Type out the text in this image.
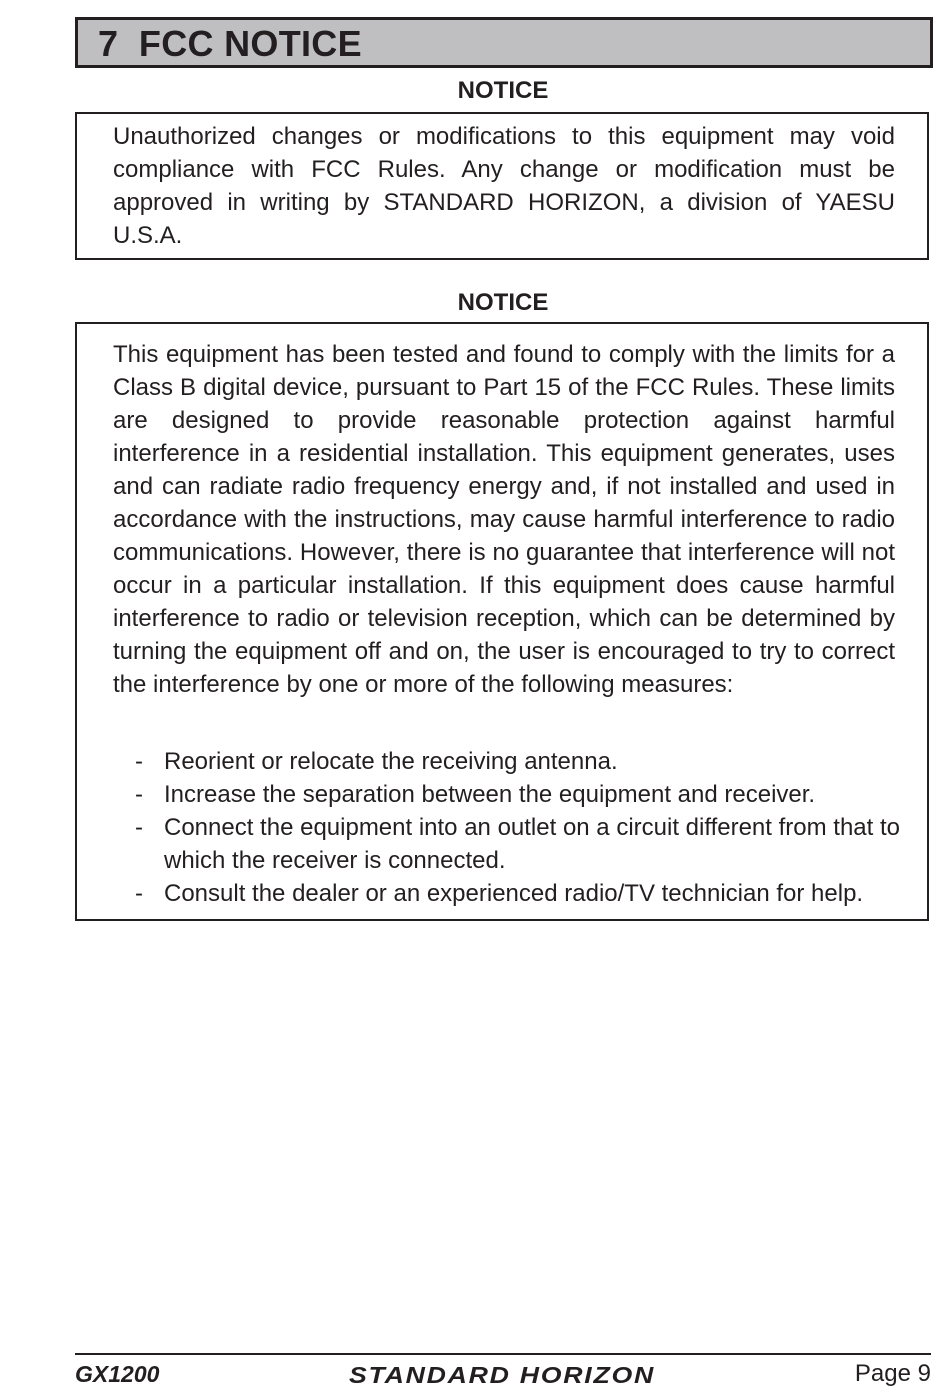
7  FCC NOTICE
NOTICE

Unauthorized changes or modifications to this equipment may void compliance with FCC Rules. Any change or modification must be approved in writing by STANDARD HORIZON, a division of YAESU U.S.A.

NOTICE

This equipment has been tested and found to comply with the limits for a Class B digital device, pursuant to Part 15 of the FCC Rules. These limits are designed to provide reasonable protection against harmful interference in a residential installation. This equipment generates, uses and can radiate radio frequency energy and, if not installed and used in accordance with the instructions, may cause harmful interference to radio communications. However, there is no guarantee that interference will not occur in a particular installation. If this equipment does cause harmful interference to radio or television reception, which can be determined by turning the equipment off and on, the user is encouraged to try to correct the interference by one or more of the following measures:

- Reorient or relocate the receiving antenna.
- Increase the separation between the equipment and receiver.
- Connect the equipment into an outlet on a circuit different from that to which the receiver is connected.
- Consult the dealer or an experienced radio/TV technician for help.
GX1200	STANDARD HORIZON	Page 9
